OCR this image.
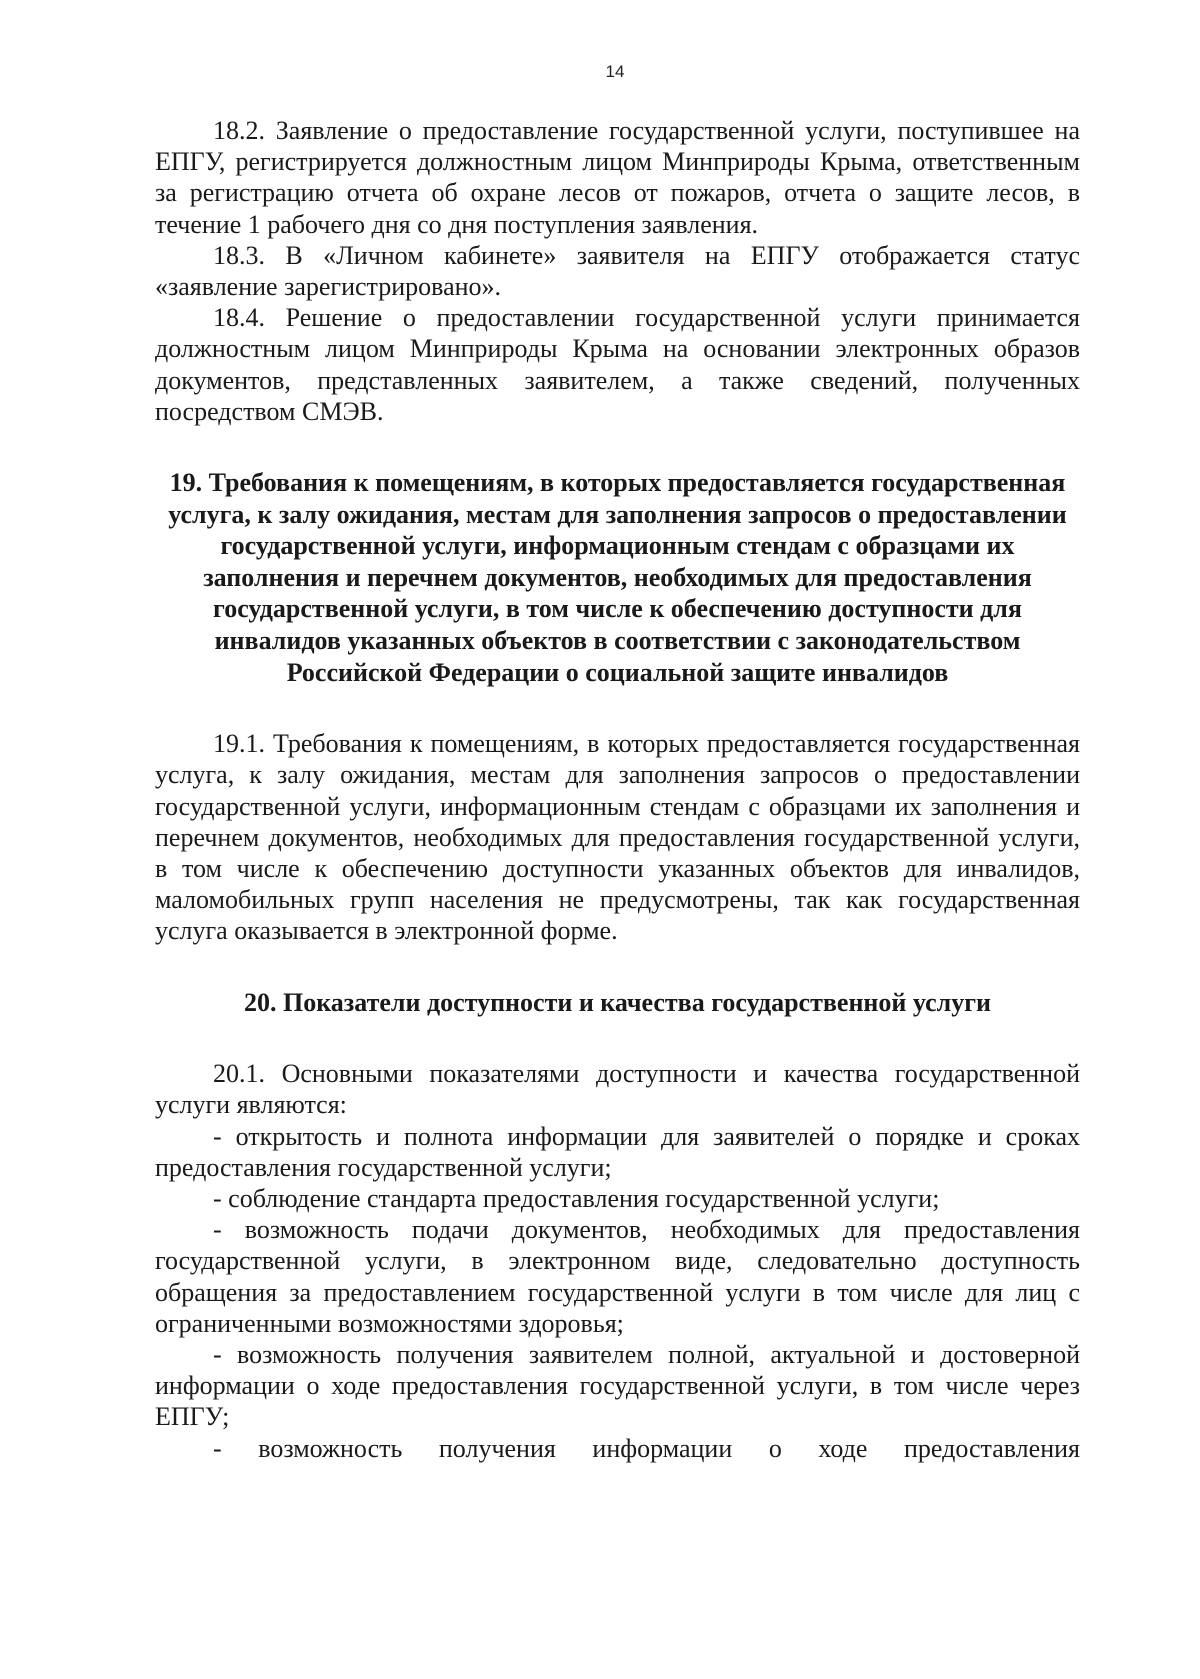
14

18.2. Заявление о предоставление государственной услуги, поступившее на ЕПГУ, регистрируется должностным лицом Минприроды Крыма, ответственным за регистрацию отчета об охране лесов от пожаров, отчета о защите лесов, в течение 1 рабочего дня со дня поступления заявления.

18.3. В «Личном кабинете» заявителя на ЕПГУ отображается статус «заявление зарегистрировано».

18.4. Решение о предоставлении государственной услуги принимается должностным лицом Минприроды Крыма на основании электронных образов документов, представленных заявителем, а также сведений, полученных посредством СМЭВ.

19. Требования к помещениям, в которых предоставляется государственная услуга, к залу ожидания, местам для заполнения запросов о предоставлении государственной услуги, информационным стендам с образцами их заполнения и перечнем документов, необходимых для предоставления государственной услуги, в том числе к обеспечению доступности для инвалидов указанных объектов в соответствии с законодательством Российской Федерации о социальной защите инвалидов

19.1. Требования к помещениям, в которых предоставляется государственная услуга, к залу ожидания, местам для заполнения запросов о предоставлении государственной услуги, информационным стендам с образцами их заполнения и перечнем документов, необходимых для предоставления государственной услуги, в том числе к обеспечению доступности указанных объектов для инвалидов, маломобильных групп населения не предусмотрены, так как государственная услуга оказывается в электронной форме.

20. Показатели доступности и качества государственной услуги

20.1. Основными показателями доступности и качества государственной услуги являются:

- открытость и полнота информации для заявителей о порядке и сроках предоставления государственной услуги;

- соблюдение стандарта предоставления государственной услуги;

- возможность подачи документов, необходимых для предоставления государственной услуги, в электронном виде, следовательно доступность обращения за предоставлением государственной услуги в том числе для лиц с ограниченными возможностями здоровья;

- возможность получения заявителем полной, актуальной и достоверной информации о ходе предоставления государственной услуги, в том числе через ЕПГУ;

- возможность получения информации о ходе предоставления
